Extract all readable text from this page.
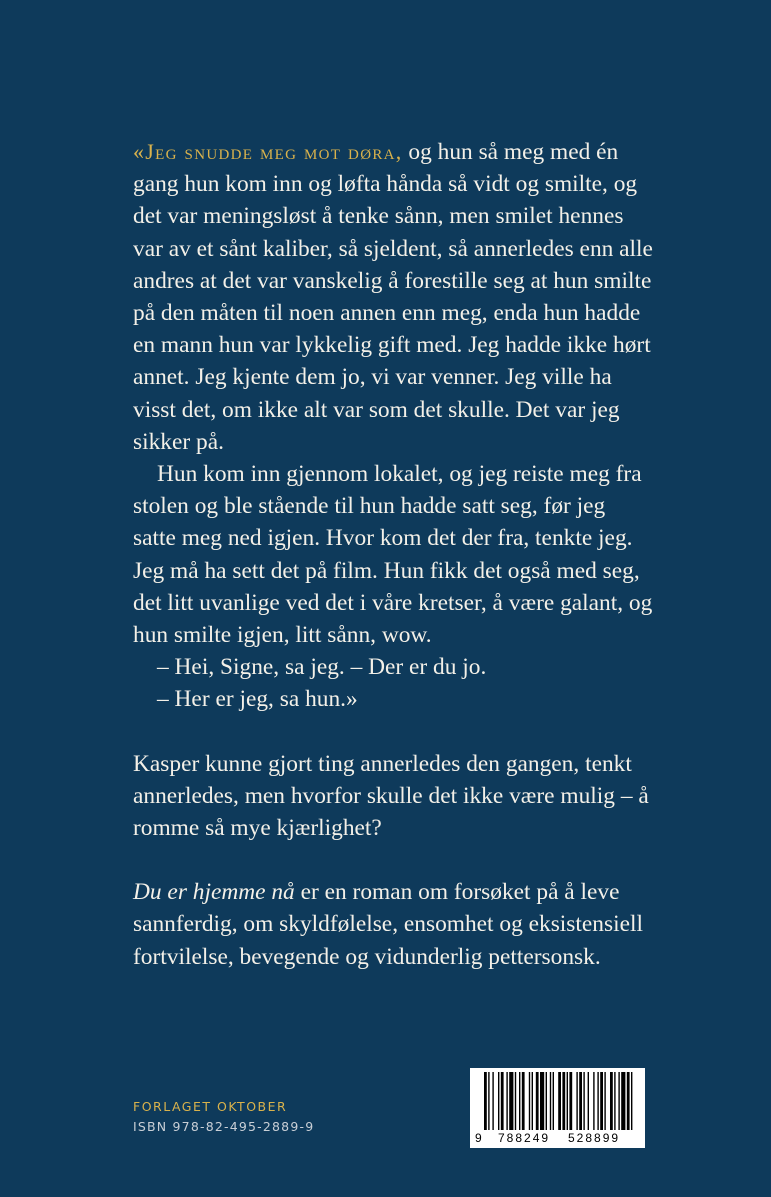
«Jeg snudde meg mot døra, og hun så meg med én gang hun kom inn og løfta hånda så vidt og smilte, og det var meningsløst å tenke sånn, men smilet hennes var av et sånt kaliber, så sjeldent, så annerledes enn alle andres at det var vanskelig å forestille seg at hun smilte på den måten til noen annen enn meg, enda hun hadde en mann hun var lykkelig gift med. Jeg hadde ikke hørt annet. Jeg kjente dem jo, vi var venner. Jeg ville ha visst det, om ikke alt var som det skulle. Det var jeg sikker på.

Hun kom inn gjennom lokalet, og jeg reiste meg fra stolen og ble stående til hun hadde satt seg, før jeg satte meg ned igjen. Hvor kom det der fra, tenkte jeg. Jeg må ha sett det på film. Hun fikk det også med seg, det litt uvanlige ved det i våre kretser, å være galant, og hun smilte igjen, litt sånn, wow.

– Hei, Signe, sa jeg. – Der er du jo.

– Her er jeg, sa hun.»

Kasper kunne gjort ting annerledes den gangen, tenkt annerledes, men hvorfor skulle det ikke være mulig – å romme så mye kjærlighet?

Du er hjemme nå er en roman om forsøket på å leve sannferdig, om skyldfølelse, ensomhet og eksistensiell fortvilelse, bevegende og vidunderlig pettersonsk.

FORLAGET OKTOBER
ISBN 978-82-495-2889-9
9 788249 528899
